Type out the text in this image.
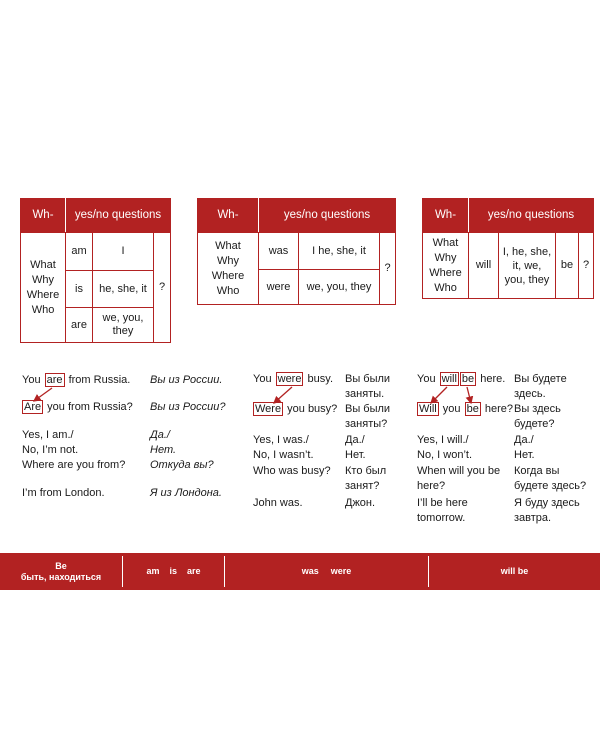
Wh-	yes/no questions		

What
Why
Where
Who	am	I	?
	is	he, she, it	
	are	we, you, they	
Wh-	yes/no questions		

What
Why
Where
Who	was	I he, she, it	?
	were	we, you, they	
Wh-	yes/no questions			

What
Why
Where
Who	will	I, he, she, it, we, you, they	be	?
You are from Russia. Вы из России.
Are you from Russia? Вы из России?
Yes, I am./	Да./
No, I’m not.	Нет.
Where are you from? Откуда вы?
I’m from London.	Я из Лондона.
You were busy. Вы были
заняты.
Were you busy? Вы были
заняты?
Yes, I was./	Да./
No, I wasn’t.	Нет.
Who was busy? Кто был
занят?
John was.	Джон.
You will be here. Вы будете
здесь.
Will you be here? Вы здесь
будете?
Yes, I will./	Да./
No, I won’t.	Нет.
When will you be
here?
Когда вы
будете здесь?
I’ll be here
tomorrow.
Я буду здесь
завтра.
Be
быть, находиться
am is are	was were	will be
